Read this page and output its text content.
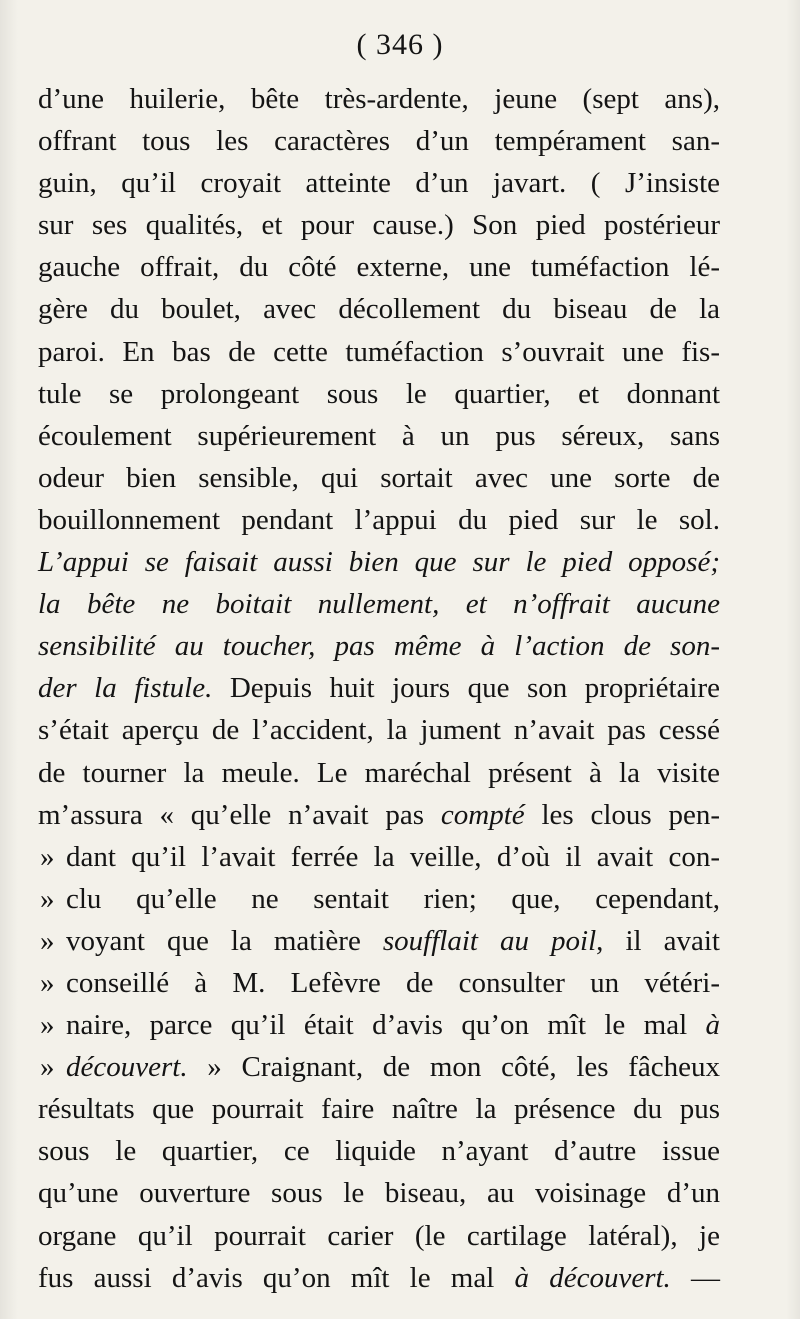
( 346 )
d’une huilerie, bête très-ardente, jeune (sept ans),
offrant tous les caractères d’un tempérament san-
guin, qu’il croyait atteinte d’un javart. ( J’insiste
sur ses qualités, et pour cause.) Son pied postérieur
gauche offrait, du côté externe, une tuméfaction lé-
gère du boulet, avec décollement du biseau de la
paroi. En bas de cette tuméfaction s’ouvrait une fis-
tule se prolongeant sous le quartier, et donnant
écoulement supérieurement à un pus séreux, sans
odeur bien sensible, qui sortait avec une sorte de
bouillonnement pendant l’appui du pied sur le sol.
L’appui se faisait aussi bien que sur le pied opposé;
la bête ne boitait nullement, et n’offrait aucune
sensibilité au toucher, pas même à l’action de son-
der la fistule. Depuis huit jours que son propriétaire
s’était aperçu de l’accident, la jument n’avait pas cessé
de tourner la meule. Le maréchal présent à la visite
m’assura « qu’elle n’avait pas compté les clous pen-
» dant qu’il l’avait ferrée la veille, d’où il avait con-
» clu qu’elle ne sentait rien; que, cependant,
» voyant que la matière soufflait au poil, il avait
» conseillé à M. Lefèvre de consulter un vétéri-
» naire, parce qu’il était d’avis qu’on mît le mal à
» découvert. » Craignant, de mon côté, les fâcheux
résultats que pourrait faire naître la présence du pus
sous le quartier, ce liquide n’ayant d’autre issue
qu’une ouverture sous le biseau, au voisinage d’un
organe qu’il pourrait carier (le cartilage latéral), je
fus aussi d’avis qu’on mît le mal à découvert. —
